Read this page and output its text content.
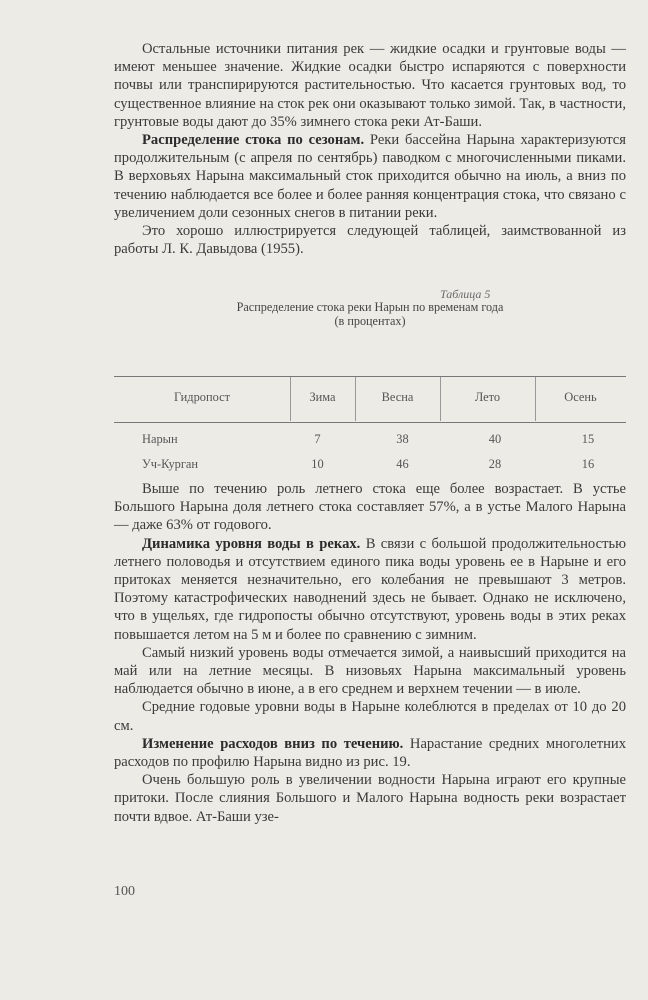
Остальные источники питания рек — жидкие осадки и грунтовые воды — имеют меньшее значение. Жидкие осадки быстро испаряются с поверхности почвы или транспирируются растительностью. Что касается грунтовых вод, то существенное влияние на сток рек они оказывают только зимой. Так, в частности, грунтовые воды дают до 35% зимнего стока реки Ат-Баши.

Распределение стока по сезонам. Реки бассейна Нарына характеризуются продолжительным (с апреля по сентябрь) паводком с многочисленными пиками. В верховьях Нарына максимальный сток приходится обычно на июль, а вниз по течению наблюдается все более и более ранняя концентрация стока, что связано с увеличением доли сезонных снегов в питании реки.

Это хорошо иллюстрируется следующей таблицей, заимствованной из работы Л. К. Давыдова (1955).

Таблица 5
Распределение стока реки Нарын по временам года
(в процентах)
Гидропост	Зима	Весна	Лето	Осень
Нарын	7	38	40	15
Уч-Курган	10	46	28	16

Выше по течению роль летнего стока еще более возрастает. В устье Большого Нарына доля летнего стока составляет 57%, а в устье Малого Нарына — даже 63% от годового.

Динамика уровня воды в реках. В связи с большой продолжительностью летнего половодья и отсутствием единого пика воды уровень ее в Нарыне и его притоках меняется незначительно, его колебания не превышают 3 метров. Поэтому катастрофических наводнений здесь не бывает. Однако не исключено, что в ущельях, где гидропосты обычно отсутствуют, уровень воды в этих реках повышается летом на 5 м и более по сравнению с зимним.

Самый низкий уровень воды отмечается зимой, а наивысший приходится на май или на летние месяцы. В низовьях Нарына максимальный уровень наблюдается обычно в июне, а в его среднем и верхнем течении — в июле.

Средние годовые уровни воды в Нарыне колеблются в пределах от 10 до 20 см.

Изменение расходов вниз по течению. Нарастание средних многолетних расходов по профилю Нарына видно из рис. 19.

Очень большую роль в увеличении водности Нарына играют его крупные притоки. После слияния Большого и Малого Нарына водность реки возрастает почти вдвое. Ат-Баши узе-

100
